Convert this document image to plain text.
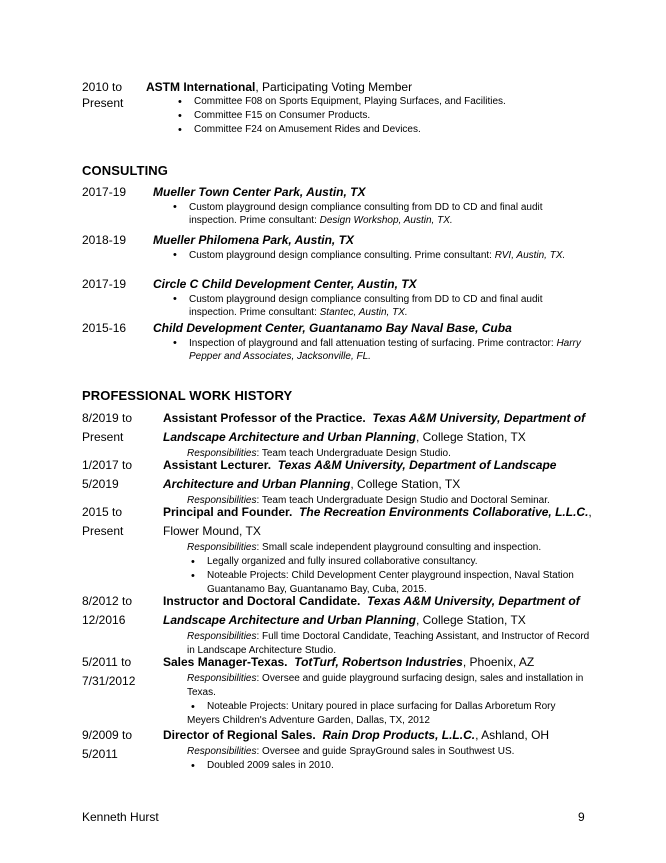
2010 to
Present
ASTM International, Participating Voting Member
• Committee F08 on Sports Equipment, Playing Surfaces, and Facilities.
• Committee F15 on Consumer Products.
• Committee F24 on Amusement Rides and Devices.
CONSULTING
2017-19 Mueller Town Center Park, Austin, TX
• Custom playground design compliance consulting from DD to CD and final audit inspection. Prime consultant: Design Workshop, Austin, TX.
2018-19 Mueller Philomena Park, Austin, TX
• Custom playground design compliance consulting. Prime consultant: RVI, Austin, TX.
2017-19 Circle C Child Development Center, Austin, TX
• Custom playground design compliance consulting from DD to CD and final audit inspection. Prime consultant: Stantec, Austin, TX.
2015-16 Child Development Center, Guantanamo Bay Naval Base, Cuba
• Inspection of playground and fall attenuation testing of surfacing. Prime contractor: Harry Pepper and Associates, Jacksonville, FL.
PROFESSIONAL WORK HISTORY
8/2019 to
Present
Assistant Professor of the Practice. Texas A&M University, Department of Landscape Architecture and Urban Planning, College Station, TX
Responsibilities: Team teach Undergraduate Design Studio.
1/2017 to
5/2019
Assistant Lecturer. Texas A&M University, Department of Landscape Architecture and Urban Planning, College Station, TX
Responsibilities: Team teach Undergraduate Design Studio and Doctoral Seminar.
2015 to
Present
Principal and Founder. The Recreation Environments Collaborative, L.L.C., Flower Mound, TX
Responsibilities: Small scale independent playground consulting and inspection.
• Legally organized and fully insured collaborative consultancy.
• Noteable Projects: Child Development Center playground inspection, Naval Station Guantanamo Bay, Guantanamo Bay, Cuba, 2015.
8/2012 to
12/2016
Instructor and Doctoral Candidate. Texas A&M University, Department of Landscape Architecture and Urban Planning, College Station, TX
Responsibilities: Full time Doctoral Candidate, Teaching Assistant, and Instructor of Record in Landscape Architecture Studio.
5/2011 to
7/31/2012
Sales Manager-Texas. TotTurf, Robertson Industries, Phoenix, AZ
Responsibilities: Oversee and guide playground surfacing design, sales and installation in Texas.
• Noteable Projects: Unitary poured in place surfacing for Dallas Arboretum Rory
Meyers Children's Adventure Garden, Dallas, TX, 2012
9/2009 to
5/2011
Director of Regional Sales. Rain Drop Products, L.L.C., Ashland, OH
Responsibilities: Oversee and guide SprayGround sales in Southwest US.
• Doubled 2009 sales in 2010.
Kenneth Hurst	9
